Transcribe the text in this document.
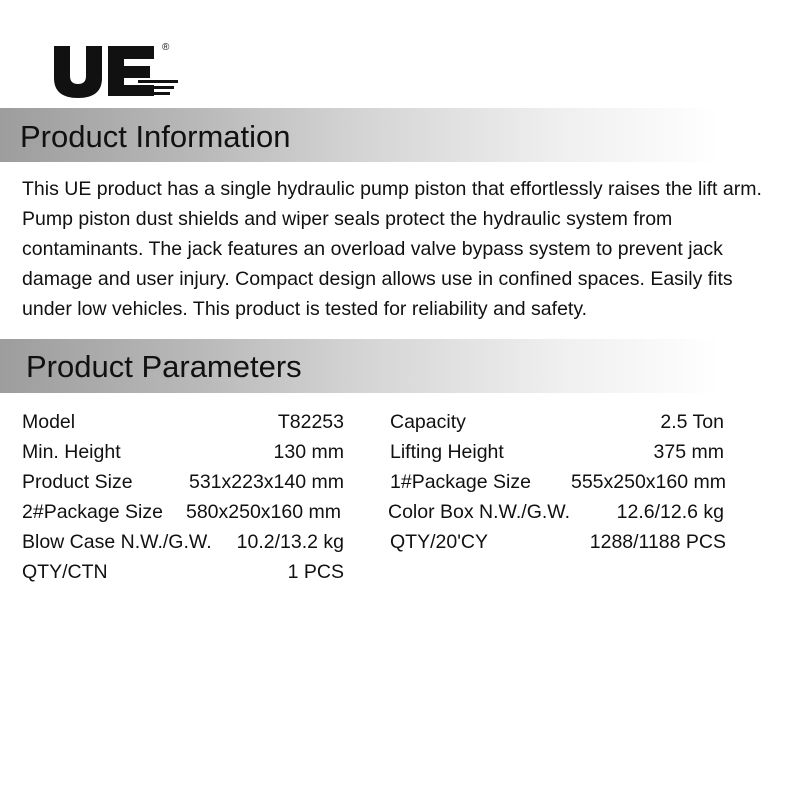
®
Product Information
This UE product has a single hydraulic pump piston that effortlessly raises the lift arm. Pump piston dust shields and wiper seals protect the hydraulic system from contaminants. The jack features an overload valve bypass system to prevent jack damage and user injury. Compact design allows use in confined spaces. Easily fits under low vehicles. This product is tested for reliability and safety.
Product Parameters
Model	T82253
Min. Height	130 mm
Product Size	531x223x140 mm
2#Package Size 580x250x160 mm
Blow Case N.W./G.W. 10.2/13.2 kg
QTY/CTN	1 PCS
Capacity	2.5 Ton
Lifting Height	375 mm
1#Package Size 555x250x160 mm
Color Box N.W./G.W. 12.6/12.6 kg
QTY/20'CY	1288/1188 PCS
